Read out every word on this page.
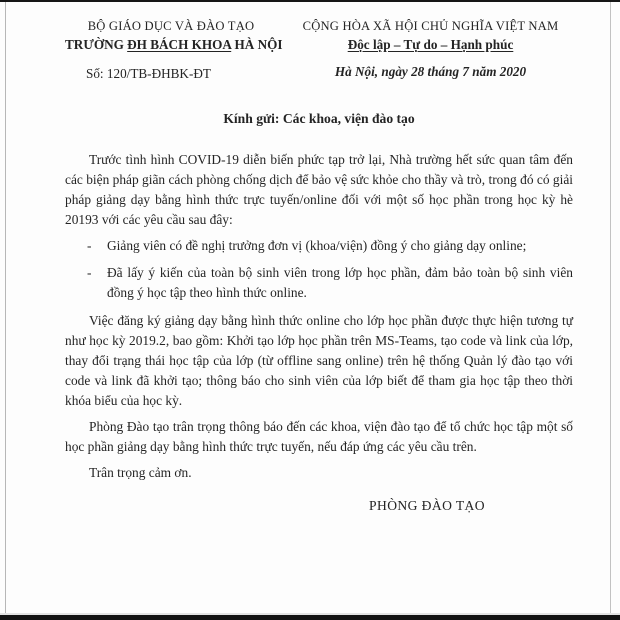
BỘ GIÁO DỤC VÀ ĐÀO TẠO
TRƯỜNG ĐH BÁCH KHOA HÀ NỘI
Số: 120/TB-ĐHBK-ĐT
CỘNG HÒA XÃ HỘI CHỦ NGHĨA VIỆT NAM
Độc lập – Tự do – Hạnh phúc
Hà Nội, ngày 28 tháng 7 năm 2020
Kính gửi: Các khoa, viện đào tạo

Trước tình hình COVID-19 diễn biến phức tạp trở lại, Nhà trường hết sức quan tâm đến các biện pháp giãn cách phòng chống dịch để bảo vệ sức khỏe cho thầy và trò, trong đó có giải pháp giảng dạy bằng hình thức trực tuyến/online đối với một số học phần trong học kỳ hè 20193 với các yêu cầu sau đây:

-	Giảng viên có đề nghị trưởng đơn vị (khoa/viện) đồng ý cho giảng dạy online;
-	Đã lấy ý kiến của toàn bộ sinh viên trong lớp học phần, đảm bảo toàn bộ sinh viên đồng ý học tập theo hình thức online.

Việc đăng ký giảng dạy bằng hình thức online cho lớp học phần được thực hiện tương tự như học kỳ 2019.2, bao gồm: Khởi tạo lớp học phần trên MS-Teams, tạo code và link của lớp, thay đổi trạng thái học tập của lớp (từ offline sang online) trên hệ thống Quản lý đào tạo với code và link đã khởi tạo; thông báo cho sinh viên của lớp biết để tham gia học tập theo thời khóa biểu của học kỳ.

Phòng Đào tạo trân trọng thông báo đến các khoa, viện đào tạo để tổ chức học tập một số học phần giảng dạy bằng hình thức trực tuyến, nếu đáp ứng các yêu cầu trên.

Trân trọng cảm ơn.

PHÒNG ĐÀO TẠO
